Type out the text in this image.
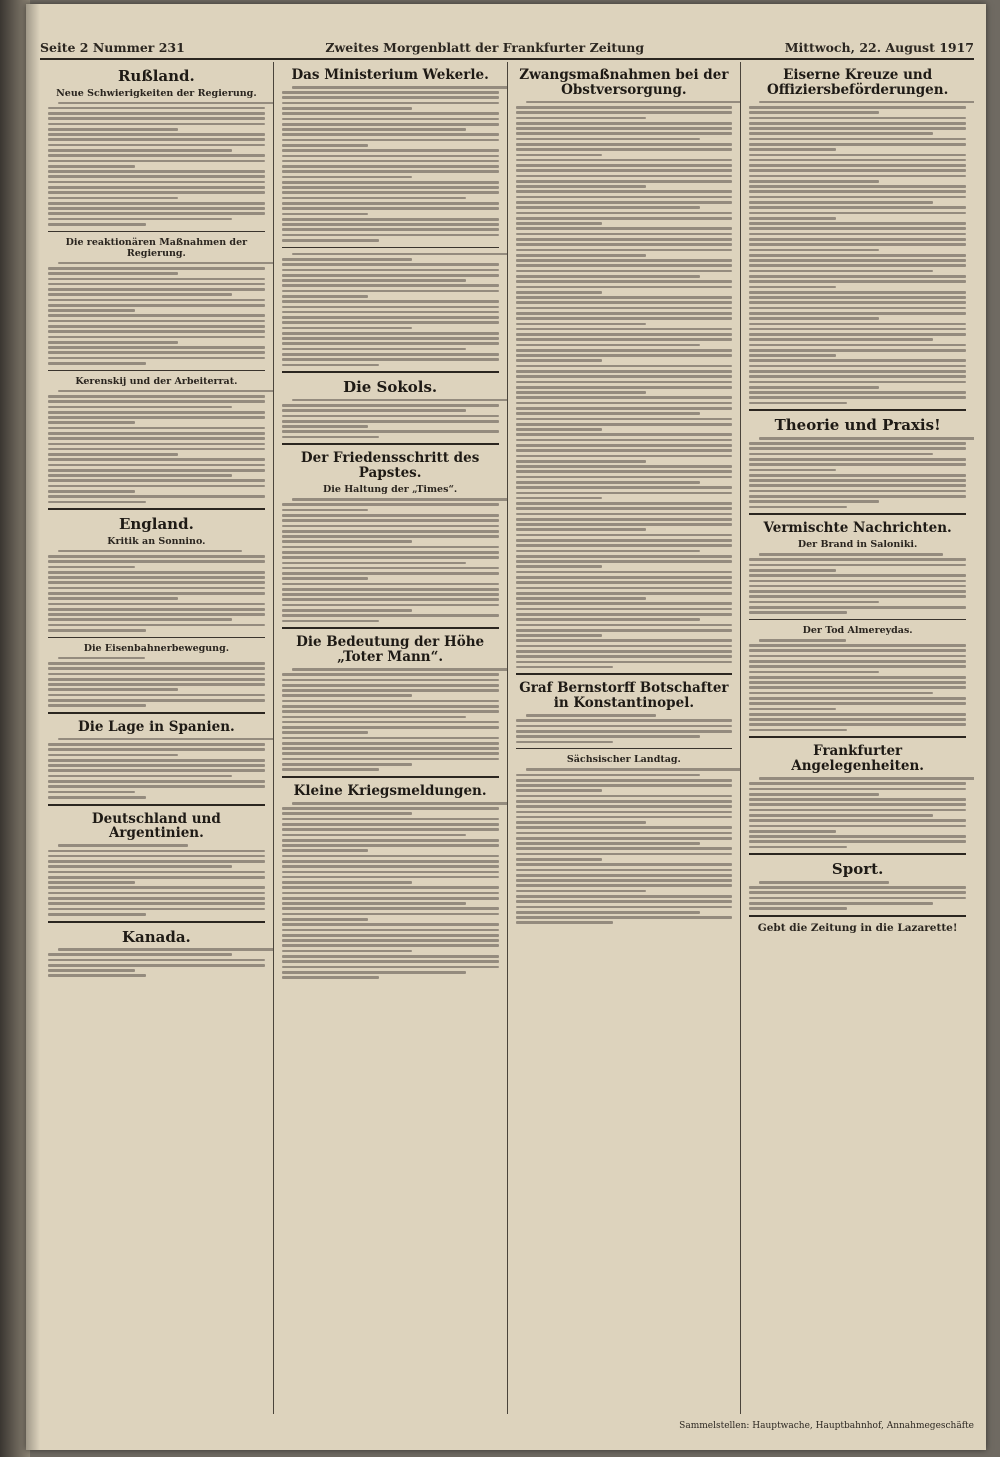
Seite 2 Nummer 231	Zweites Morgenblatt der Frankfurter Zeitung	Mittwoch, 22. August 1917
Rußland.
Neue Schwierigkeiten der Regierung.
Die reaktionären Maßnahmen der Regierung.
Kerenskij und der Arbeiterrat.
England.
Kritik an Sonnino.
Die Eisenbahnerbewegung.
Die Lage in Spanien.
Deutschland und Argentinien.
Kanada.
Das Ministerium Wekerle.
Die Sokols.
Der Friedensschritt des Papstes.
Die Haltung der „Times“.
Die Bedeutung der Höhe „Toter Mann“.
Kleine Kriegsmeldungen.
Zwangsmaßnahmen bei der Obstversorgung.
Graf Bernstorff Botschafter in Konstantinopel.
Sächsischer Landtag.
Eiserne Kreuze und Offiziersbeförderungen.
Theorie und Praxis!
Vermischte Nachrichten.
Der Brand in Saloniki.
Der Tod Almereydas.
Frankfurter Angelegenheiten.
Sport.
Gebt die Zeitung in die Lazarette!
Sammelstellen: Hauptwache, Hauptbahnhof, Annahmegeschäfte
